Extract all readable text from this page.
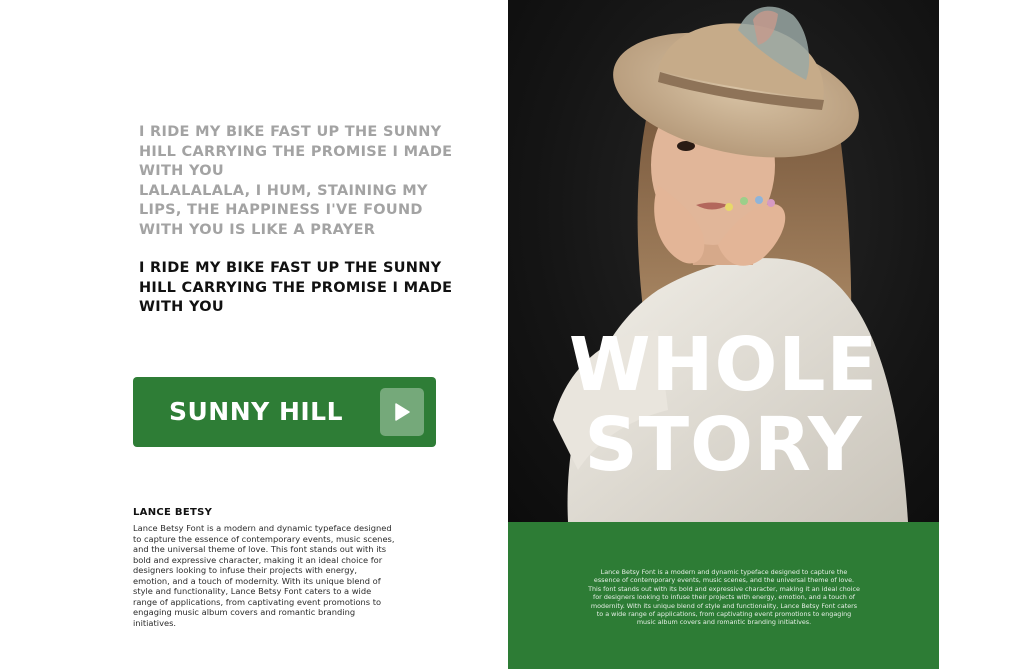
I RIDE MY BIKE FAST UP THE SUNNY HILL CARRYING THE PROMISE I MADE WITH YOU
LALALALALA, I HUM, STAINING MY LIPS, THE HAPPINESS I'VE FOUND WITH YOU IS LIKE A PRAYER

I RIDE MY BIKE FAST UP THE SUNNY HILL CARRYING THE PROMISE I MADE WITH YOU

SUNNY HILL
LANCE BETSY

Lance Betsy Font is a modern and dynamic typeface designed to capture the essence of contemporary events, music scenes, and the universal theme of love. This font stands out with its bold and expressive character, making it an ideal choice for designers looking to infuse their projects with energy, emotion, and a touch of modernity. With its unique blend of style and functionality, Lance Betsy Font caters to a wide range of applications, from captivating event promotions to engaging music album covers and romantic branding initiatives.

WHOLE
STORY

Lance Betsy Font is a modern and dynamic typeface designed to capture the essence of contemporary events, music scenes, and the universal theme of love. This font stands out with its bold and expressive character, making it an ideal choice for designers looking to infuse their projects with energy, emotion, and a touch of modernity. With its unique blend of style and functionality, Lance Betsy Font caters to a wide range of applications, from captivating event promotions to engaging music album covers and romantic branding initiatives.
